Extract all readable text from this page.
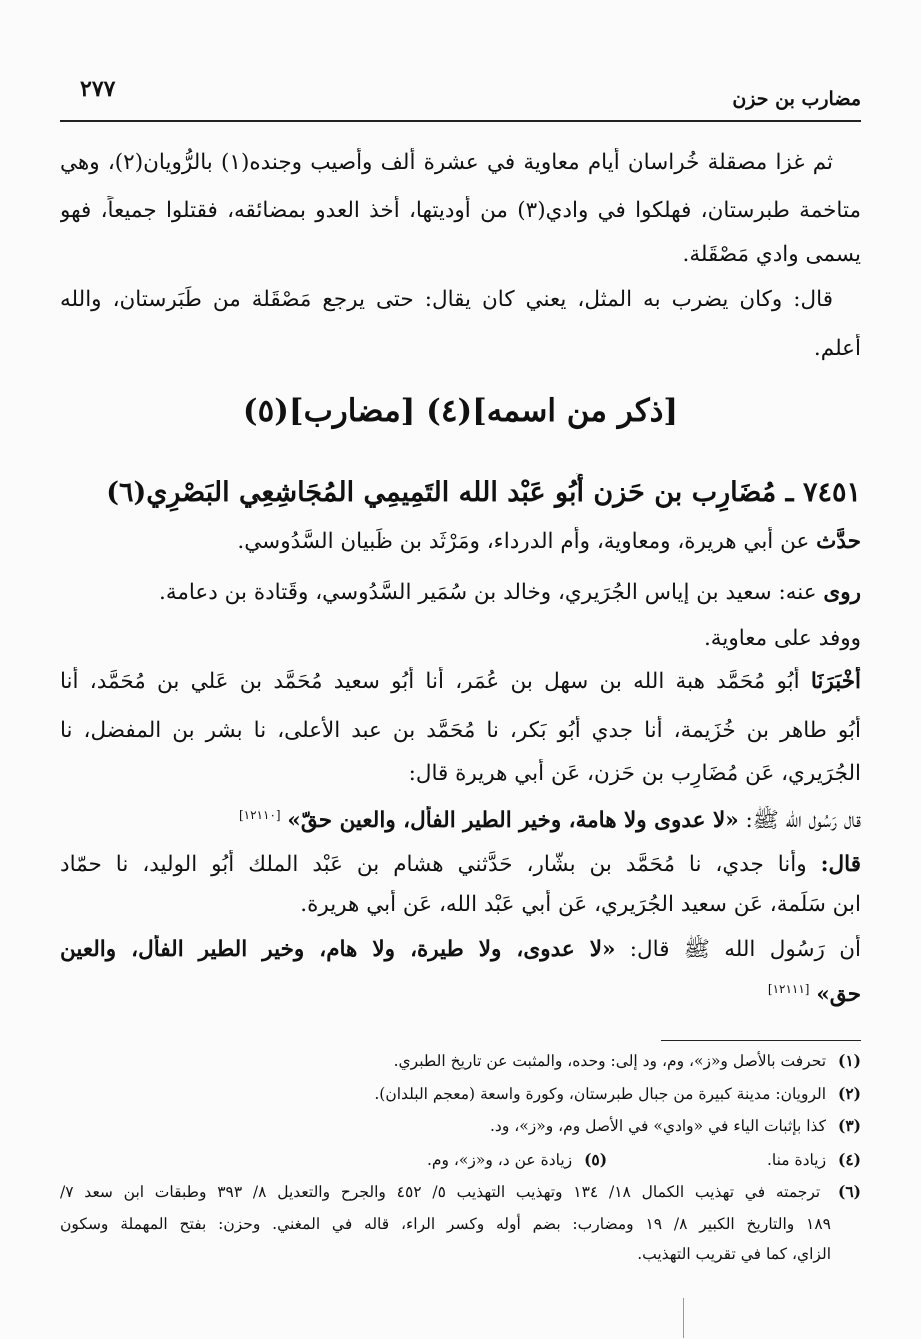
مضارب بن حزن
٢٧٧
ثم غزا مصقلة خُراسان أيام معاوية في عشرة ألف وأصيب وجنده(١) بالرُّويان(٢)، وهي
متاخمة طبرستان، فهلكوا في وادي(٣) من أوديتها، أخذ العدو بمضائقه، فقتلوا جميعاً، فهو
يسمى وادي مَصْقَلة.
قال: وكان يضرب به المثل، يعني كان يقال: حتى يرجع مَصْقَلة من طَبَرستان، والله
أعلم.
[ذكر من اسمه](٤) [مضارب](٥)
٧٤٥١ ـ مُضَارِب بن حَزن أَبُو عَبْد الله التَمِيمِي المُجَاشِعِي البَصْرِي(٦)
حدَّث عن أبي هريرة، ومعاوية، وأم الدرداء، ومَرْثَد بن ظَبيان السَّدُوسي.
روى عنه: سعيد بن إياس الجُرَيري، وخالد بن سُمَير السَّدُوسي، وقَتادة بن دعامة.
ووفد على معاوية.
أَخْبَرَنَا أَبُو مُحَمَّد هبة الله بن سهل بن عُمَر، أنا أَبُو سعيد مُحَمَّد بن عَلي بن مُحَمَّد، أنا
أَبُو طاهر بن خُزَيمة، أنا جدي أَبُو بَكر، نا مُحَمَّد بن عبد الأعلى، نا بشر بن المفضل، نا
الجُرَيري، عَن مُضَارِب بن حَزن، عَن أبي هريرة قال:
قال رَسُول الله ﷺ: «لا عدوى ولا هامة، وخير الطير الفأل، والعين حقّ» [١٢١١٠]
قال: وأنا جدي، نا مُحَمَّد بن بشّار، حَدَّثني هشام بن عَبْد الملك أَبُو الوليد، نا حمّاد
ابن سَلَمة، عَن سعيد الجُرَيري، عَن أبي عَبْد الله، عَن أبي هريرة.
أن رَسُول الله ﷺ قال: «لا عدوى، ولا طيرة، ولا هام، وخير الطير الفأل، والعين
حق» [١٢١١١]
(١) تحرفت بالأصل و«ز»، وم، ود إلى: وحده، والمثبت عن تاريخ الطبري.
(٢) الرويان: مدينة كبيرة من جبال طبرستان، وكورة واسعة (معجم البلدان).
(٣) كذا بإثبات الياء في «وادي» في الأصل وم، و«ز»، ود.
(٤) زيادة منا.  (٥) زيادة عن د، و«ز»، وم.
(٦) ترجمته في تهذيب الكمال ١٨/ ١٣٤ وتهذيب التهذيب ٥/ ٤٥٢ والجرح والتعديل ٨/ ٣٩٣ وطبقات ابن سعد ٧/
١٨٩ والتاريخ الكبير ٨/ ١٩ ومضارب: بضم أوله وكسر الراء، قاله في المغني. وحزن: بفتح المهملة وسكون
الزاي، كما في تقريب التهذيب.
